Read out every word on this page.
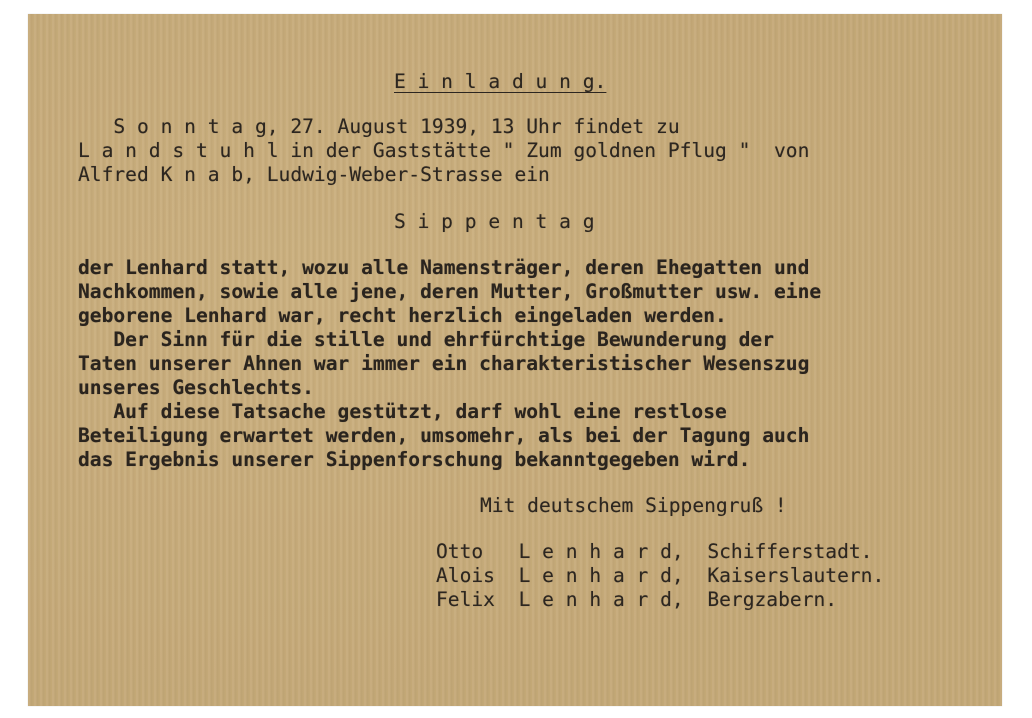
E i n l a d u n g.

S o n n t a g, 27. August 1939, 13 Uhr findet zu

L a n d s t u h l in der Gaststätte " Zum goldnen Pflug "  von

Alfred K n a b, Ludwig-Weber-Strasse ein

S i p p e n t a g

der Lenhard statt, wozu alle Namensträger, deren Ehegatten und

Nachkommen, sowie alle jene, deren Mutter, Großmutter usw. eine

geborene Lenhard war, recht herzlich eingeladen werden.

Der Sinn für die stille und ehrfürchtige Bewunderung der

Taten unserer Ahnen war immer ein charakteristischer Wesenszug

unseres Geschlechts.

Auf diese Tatsache gestützt, darf wohl eine restlose

Beteiligung erwartet werden, umsomehr, als bei der Tagung auch

das Ergebnis unserer Sippenforschung bekanntgegeben wird.

Mit deutschem Sippengruß !

Otto   L e n h a r d,  Schifferstadt.

Alois  L e n h a r d,  Kaiserslautern.

Felix  L e n h a r d,  Bergzabern.
